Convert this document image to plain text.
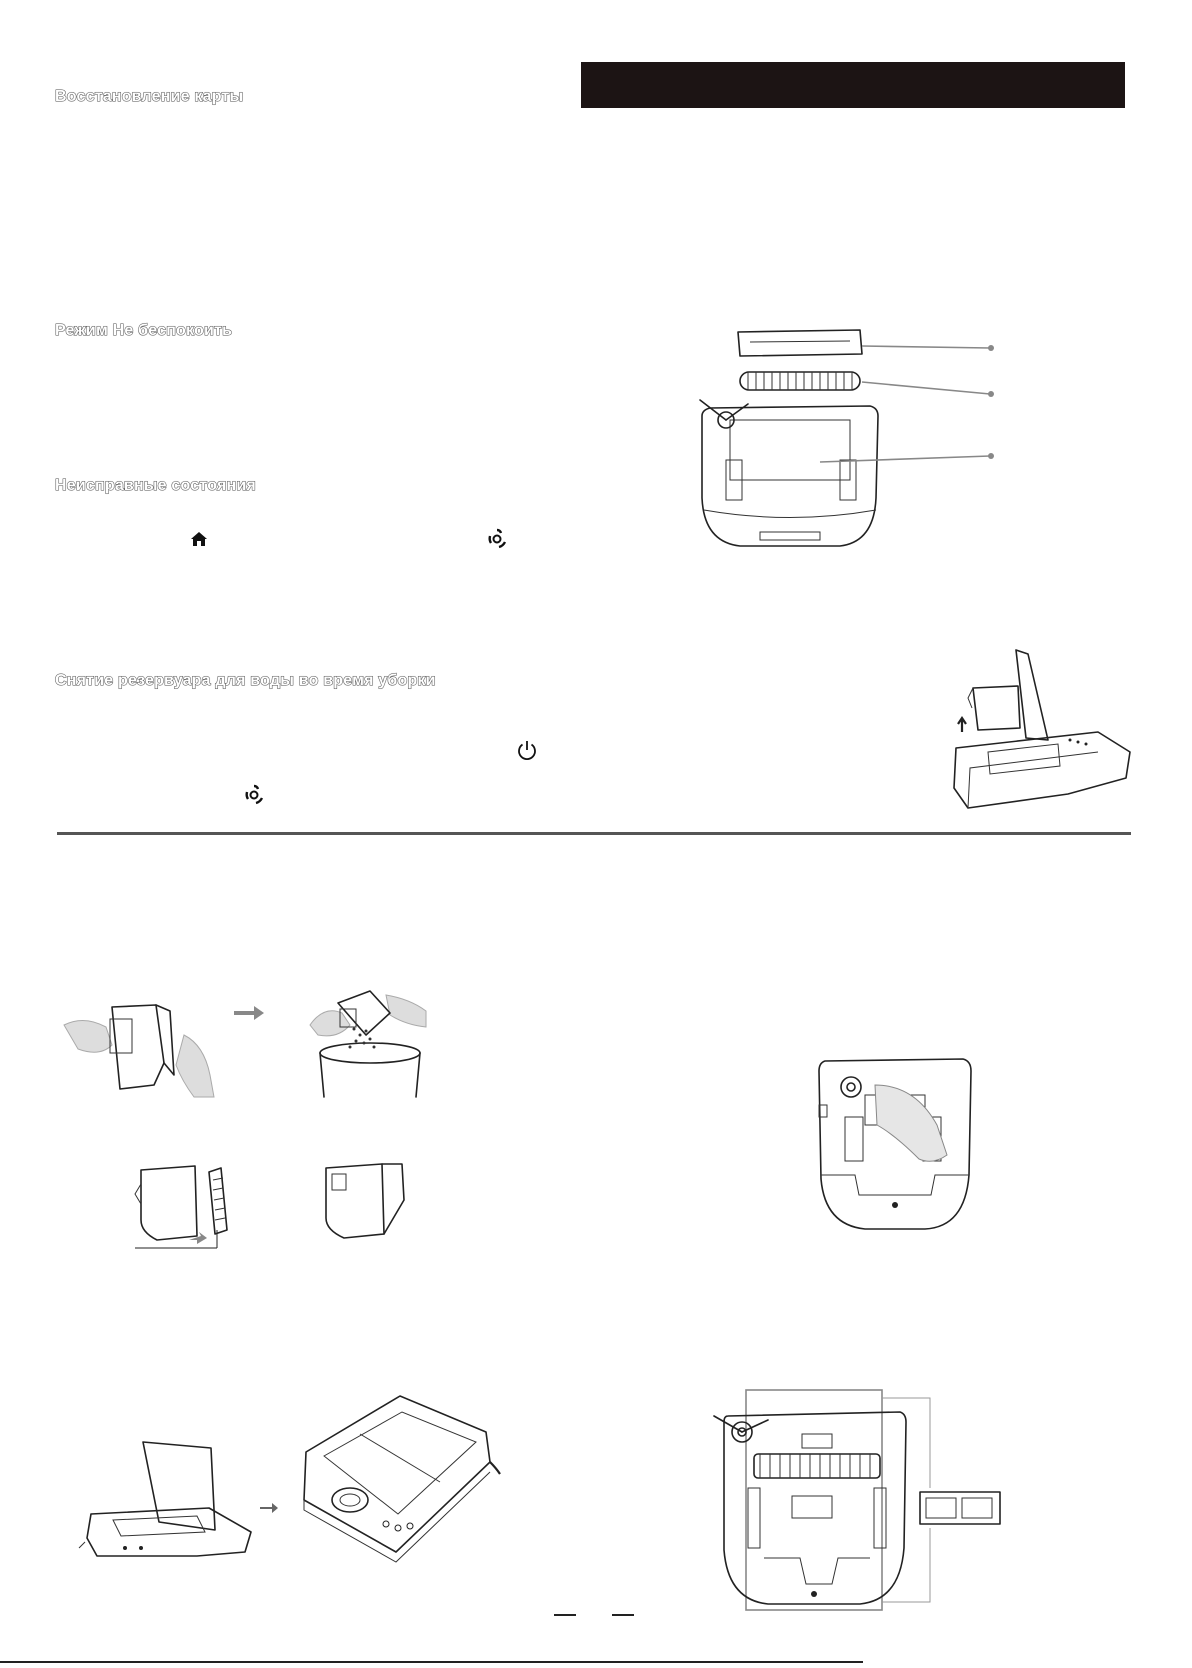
Восстановление карты
Режим Не беспокоить
Неисправные состояния
Снятие резервуара для воды во время уборки
